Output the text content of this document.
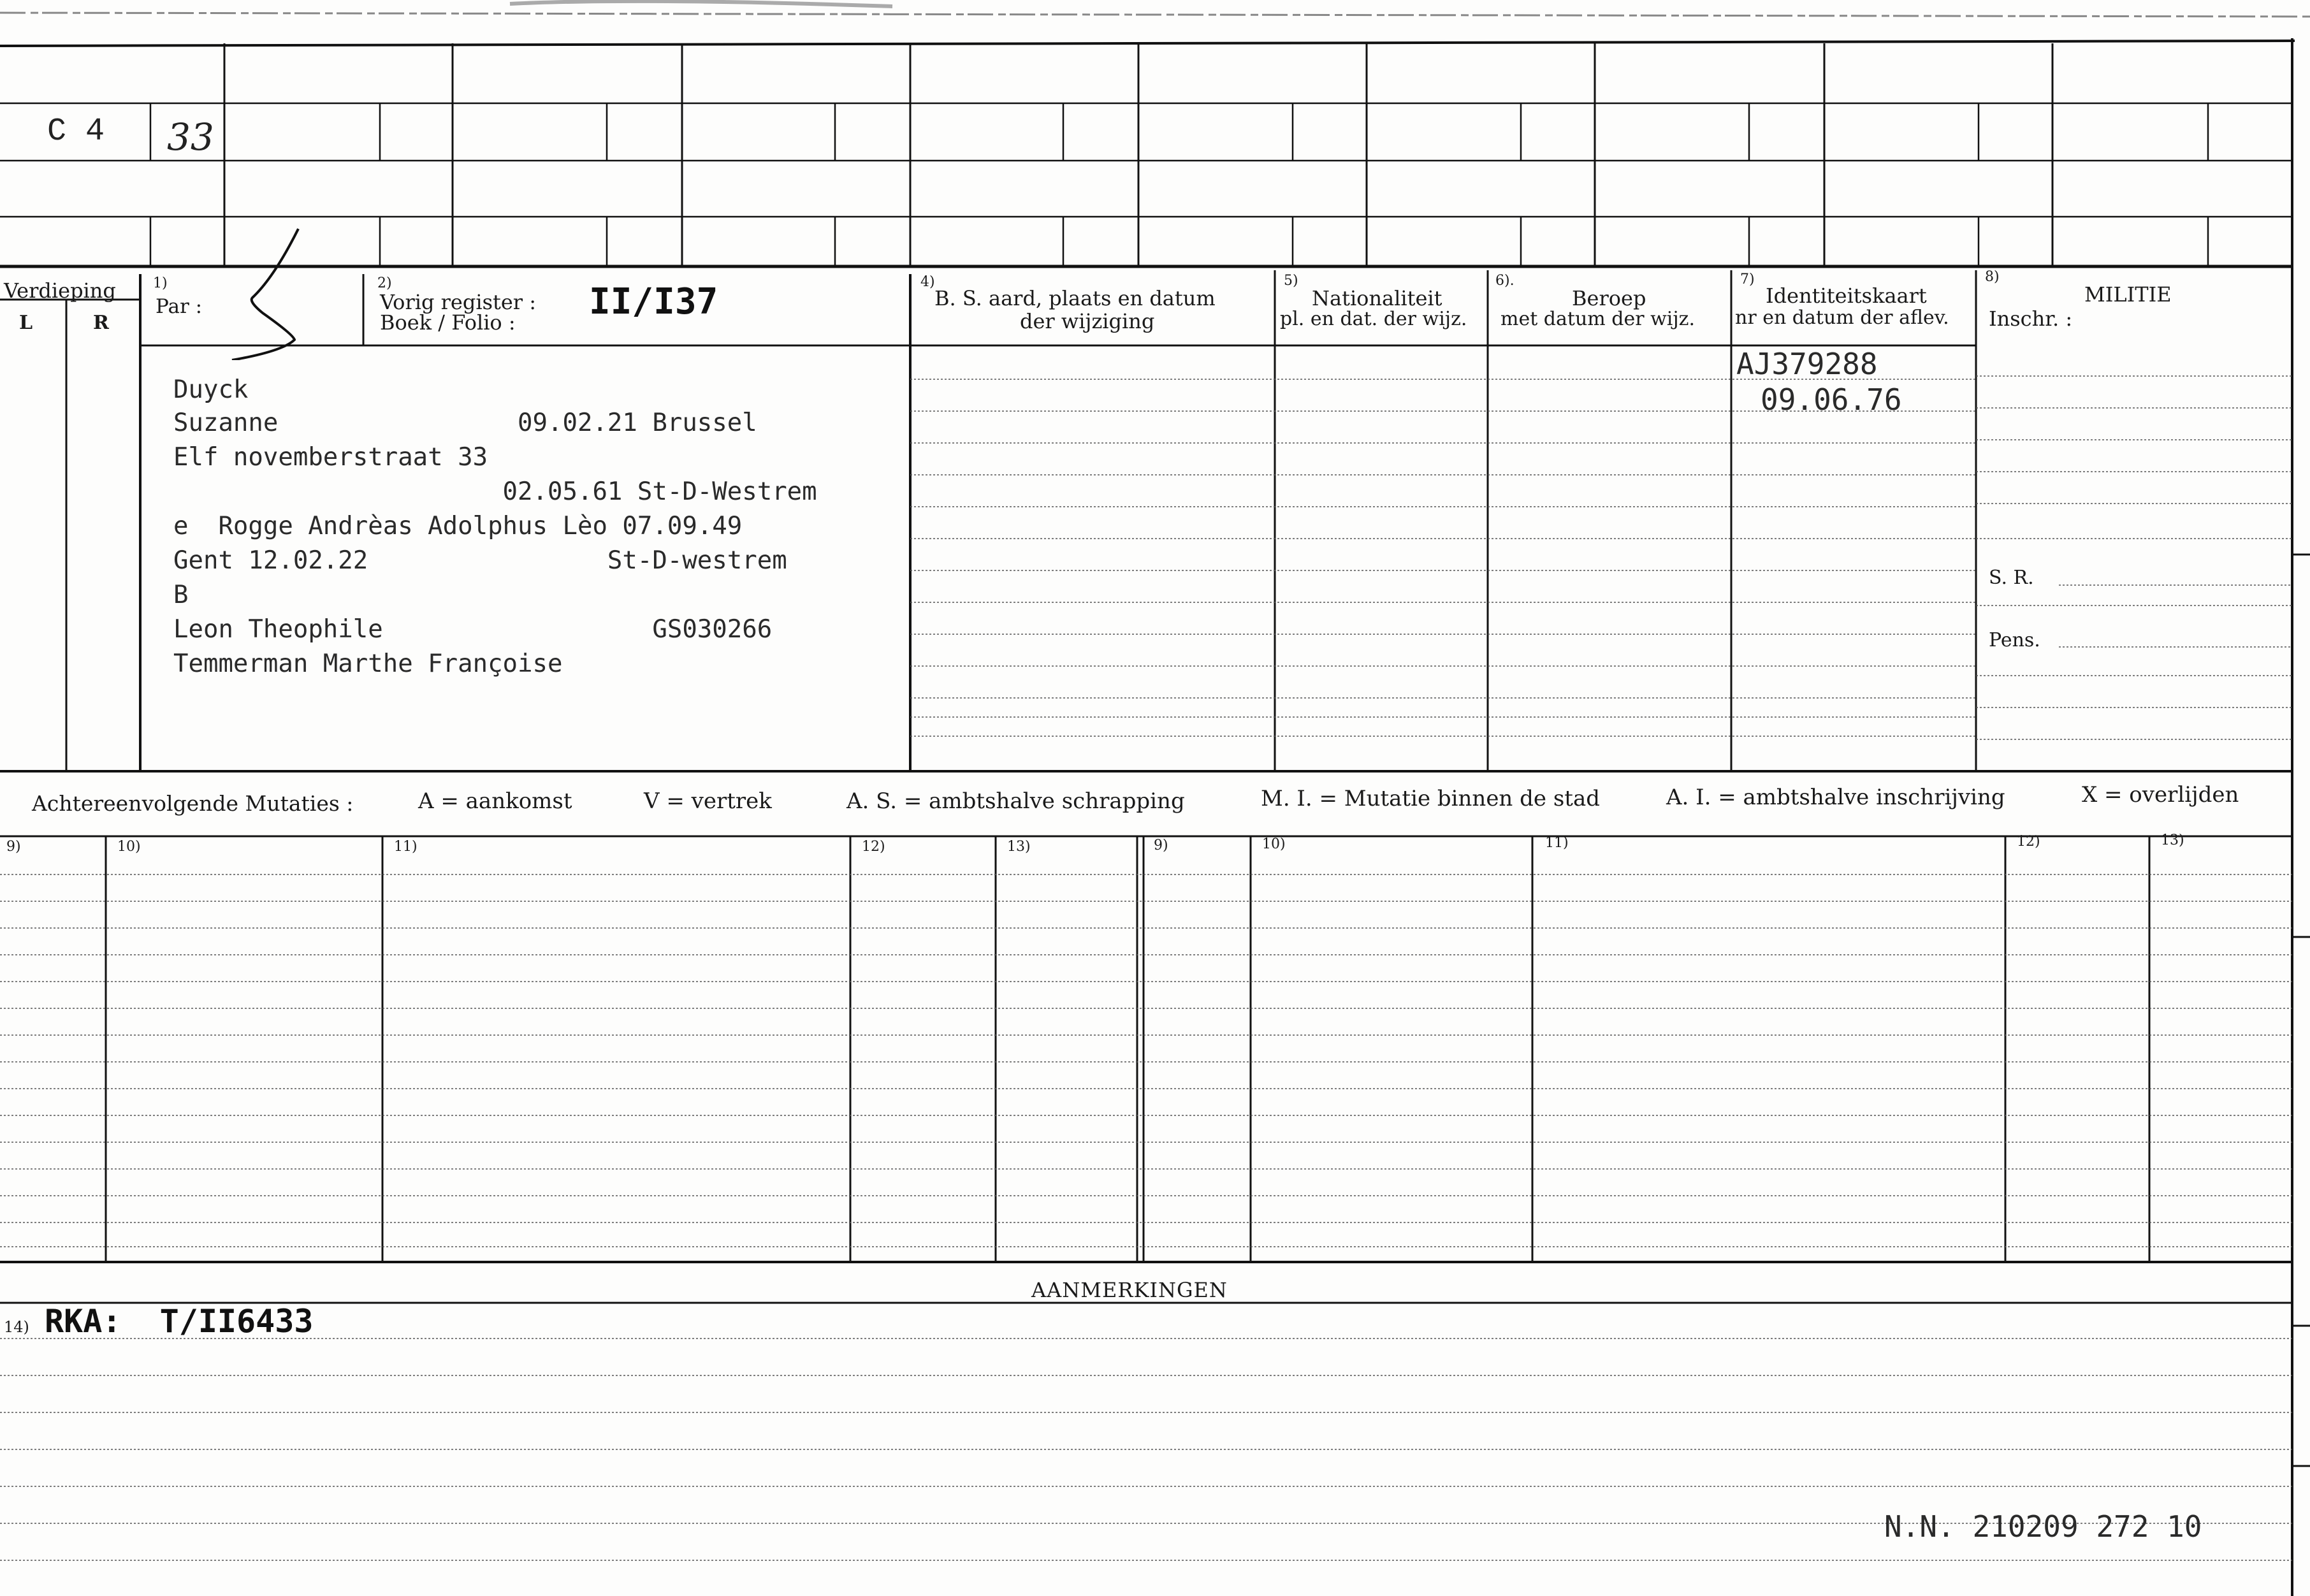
C 4 33
Verdieping
L	R
1)
Par :
2)
Vorig register :
Boek / Folio : II/I37	4)
B. S. aard, plaats en datum
der wijziging
5)
Nationaliteit
pl. en dat. der wijz.
6).
Beroep
met datum der wijz.
7)
Identiteitskaart
nr en datum der aflev.
8)
MILITIE
Inschr. :
S. R.
Pens.
Duyck
Suzanne                09.02.21 Brussel
Elf novemberstraat 33
02.05.61 St-D-Westrem
e  Rogge Andrèas Adolphus Lèo 07.09.49
Gent 12.02.22                St-D-westrem
B
Leon Theophile                  GS030266
Temmerman Marthe Françoise
AJ379288
09.06.76
Achtereenvolgende Mutaties :	A = aankomst	V = vertrek	A. S. = ambtshalve schrapping	M. I. = Mutatie binnen de stad	A. I. = ambtshalve inschrijving	X = overlijden
9)	10)	11)	12)	13)	9)	10)	11)	12)	13)
AANMERKINGEN
14) RKA:  T/II6433
N.N. 210209 272 10
